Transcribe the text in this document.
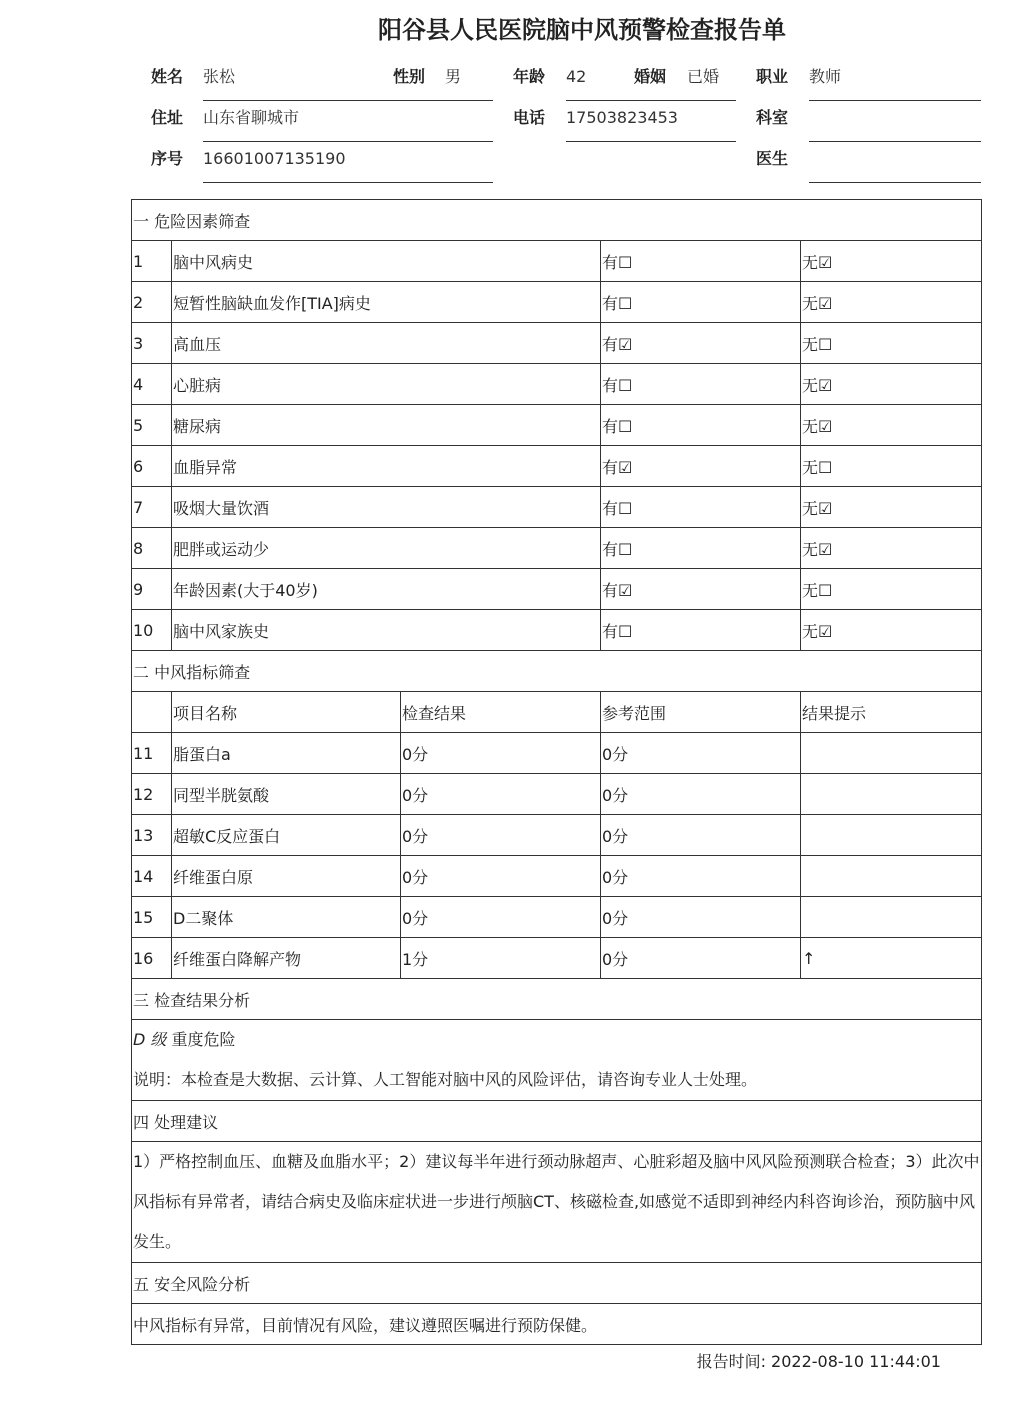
阳谷县人民医院脑中风预警检查报告单
姓名 张松	性别 男	年龄 42	婚姻 已婚 职业 教师
住址 山东省聊城市	电话 17503823453	科室
序号 16601007135190	医生
一 危险因素筛查				
1	脑中风病史		有☐	无☑
2	短暂性脑缺血发作[TIA]病史		有☐	无☑
3	高血压		有☑	无☐
4	心脏病		有☐	无☑
5	糖尿病		有☐	无☑
6	血脂异常		有☑	无☐
7	吸烟大量饮酒		有☐	无☑
8	肥胖或运动少		有☐	无☑
9	年龄因素(大于40岁)		有☑	无☐
10	脑中风家族史		有☐	无☑
二 中风指标筛查				
	项目名称	检查结果	参考范围	结果提示
11	脂蛋白a	0分	0分	
12	同型半胱氨酸	0分	0分	
13	超敏C反应蛋白	0分	0分	
14	纤维蛋白原	0分	0分	
15	D二聚体	0分	0分	
16	纤维蛋白降解产物	1分	0分	↑
三 检查结果分析				

D 级 重度危险
说明：本检查是大数据、云计算、人工智能对脑中风的风险评估，请咨询专业人士处理。				

四 处理建议				
1）严格控制血压、血糖及血脂水平；2）建议每半年进行颈动脉超声、心脏彩超及脑中风风险预测联合检查；3）此次中风指标有异常者，请结合病史及临床症状进一步进行颅脑CT、核磁检查,如感觉不适即到神经内科咨询诊治，预防脑中风发生。				
五 安全风险分析				
中风指标有异常，目前情况有风险，建议遵照医嘱进行预防保健。				
报告时间: 2022-08-10 11:44:01
